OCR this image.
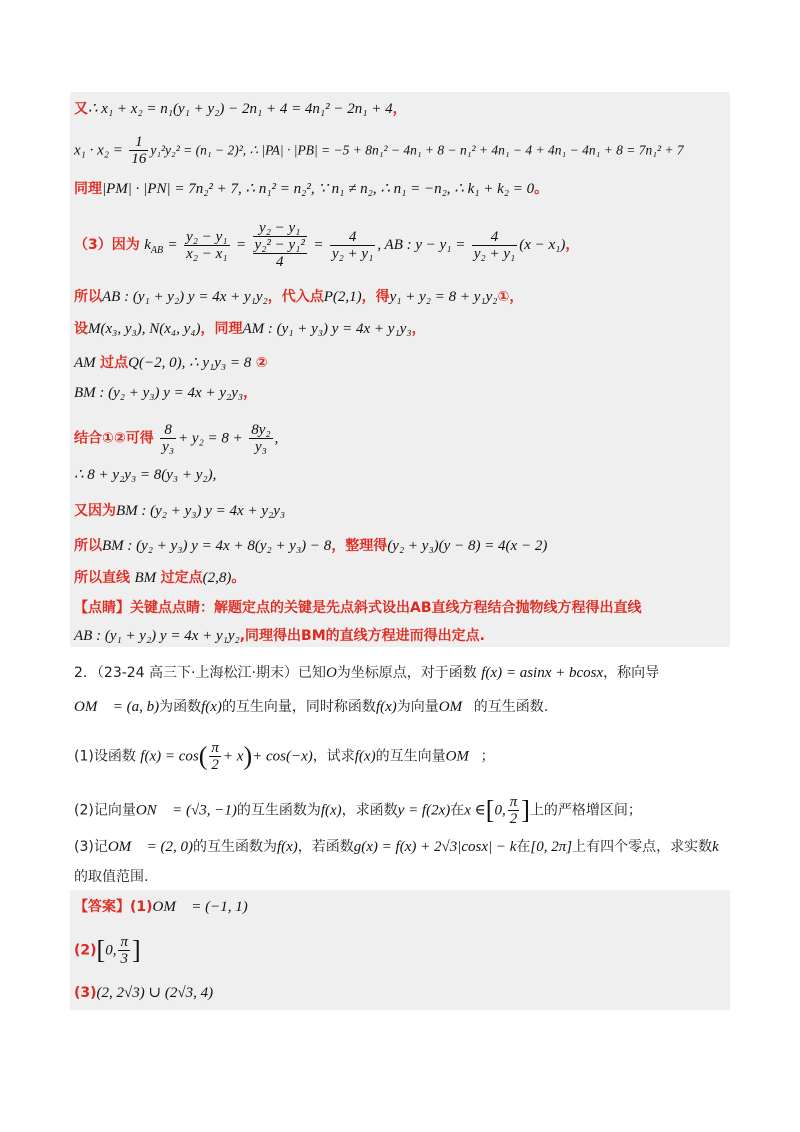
又∴ x₁ + x₂ = n₁(y₁ + y₂) − 2n₁ + 4 = 4n₁² − 2n₁ + 4，
$x_1 \cdot x_2 = \frac{1}{16} y_1^2y_2^2 = (n_1 - 2)^2$, ∴ |PA| · |PB| = −5 + 8n₁² − 4n₁ + 8 − n₁² + 4n₁ − 4 + 4n₁ − 4n₁ + 8 = 7n₁² + 7
同理|PM| · |PN| = 7n₂² + 7, ∴ n₁² = n₂², ∵ n₁ ≠ n₂, ∴ n₁ = −n₂, ∴ k₁ + k₂ = 0。
（3）因为 $k_{AB} = \frac{\text{y₂ − y₁}}{\text{x₂ − x₁}}$ =
y₂ − y₁
y₂² − y₁²
4
= $\frac{4}{\text{y₂ + y₁}}$ , AB : $y - y_1 = \frac{4}{\text{y₂ + y₁}} (x - x_1)$，
所以AB : (y₁ + y₂) y = 4x + y₁y₂，代入点P(2,1)，得y₁ + y₂ = 8 + y₁y₂①，
设M(x₃, y₃), N(x₄, y₄)，同理AM : (y₁ + y₃) y = 4x + y₁y₃，
AM 过点Q(−2, 0), ∴ y₁y₃ = 8 ②
BM : (y₂ + y₃) y = 4x + y₂y₃，
结合①②可得 $\frac{8}{\text{y₃}} + y_2 = 8 + \frac{\text{8y₂}}{\text{y₃}}$ ,
∴ 8 + y₂y₃ = 8(y₃ + y₂),
又因为BM : (y₂ + y₃) y = 4x + y₂y₃
所以BM : (y₂ + y₃) y = 4x + 8(y₂ + y₃) − 8，整理得(y₂ + y₃)(y − 8) = 4(x − 2)
所以直线 BM 过定点(2,8)。
【点睛】关键点点睛：解题定点的关键是先点斜式设出AB直线方程结合抛物线方程得出直线
AB : (y₁ + y₂) y = 4x + y₁y₂,同理得出BM的直线方程进而得出定点.
2．（23-24 高三下·上海松江·期末）已知O为坐标原点，对于函数 f(x) = asinx + bcosx，称向导
OM⃗ = (a, b)为函数f(x)的互生向量，同时称函数f(x)为向量OM⃗的互生函数.
(1)设函数 $f(x) = \cos( \frac{\pi}{2} + x)+ \cos(-x)$，试求f(x)的互生向量OM⃗；
(2)记向量ON⃗ = (√3, −1)的互生函数为f(x)，求函数y = f(2x)在x ∈[0, $\frac{\pi}{2}$ ]上的严格增区间；
(3)记OM⃗ = (2, 0)的互生函数为f(x)，若函数g(x) = f(x) + 2√3|cosx| − k在[0, 2π]上有四个零点，求实数k
的取值范围.
【答案】(1)OM⃗ = (−1, 1)
(2)[0, $\frac{\pi}{3}$ ]
(3)(2, 2√3) ∪ (2√3, 4)
